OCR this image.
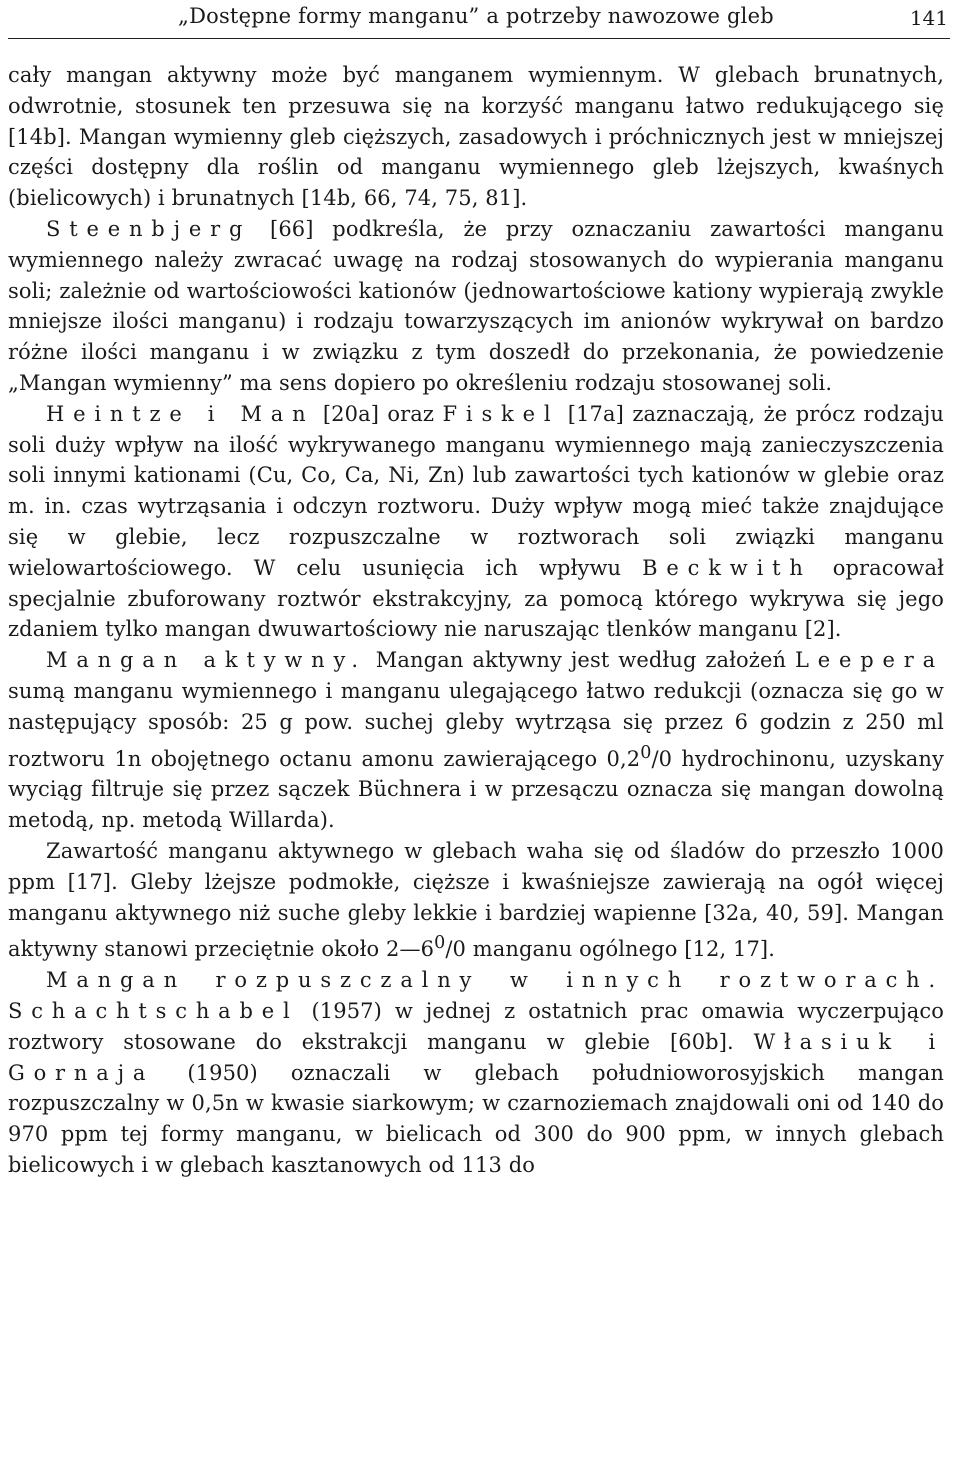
„Dostępne formy manganu” a potrzeby nawozowe gleb	141

cały mangan aktywny może być manganem wymiennym. W glebach brunatnych, odwrotnie, stosunek ten przesuwa się na korzyść manganu łatwo redukującego się [14b]. Mangan wymienny gleb cięższych, zasadowych i próchnicznych jest w mniejszej części dostępny dla roślin od manganu wymiennego gleb lżejszych, kwaśnych (bielicowych) i brunatnych [14b, 66, 74, 75, 81].

Steenbjerg [66] podkreśla, że przy oznaczaniu zawartości manganu wymiennego należy zwracać uwagę na rodzaj stosowanych do wypierania manganu soli; zależnie od wartościowości kationów (jednowartościowe kationy wypierają zwykle mniejsze ilości manganu) i rodzaju towarzyszących im anionów wykrywał on bardzo różne ilości manganu i w związku z tym doszedł do przekonania, że powiedzenie „Mangan wymienny” ma sens dopiero po określeniu rodzaju stosowanej soli.

Heintze i Man [20a] oraz Fiskel [17a] zaznaczają, że prócz rodzaju soli duży wpływ na ilość wykrywanego manganu wymiennego mają zanieczyszczenia soli innymi kationami (Cu, Co, Ca, Ni, Zn) lub zawartości tych kationów w glebie oraz m. in. czas wytrząsania i odczyn roztworu. Duży wpływ mogą mieć także znajdujące się w glebie, lecz rozpuszczalne w roztworach soli związki manganu wielowartościowego. W celu usunięcia ich wpływu Beckwith opracował specjalnie zbuforowany roztwór ekstrakcyjny, za pomocą którego wykrywa się jego zdaniem tylko mangan dwuwartościowy nie naruszając tlenków manganu [2].

Mangan aktywny. Mangan aktywny jest według założeń Leepera sumą manganu wymiennego i manganu ulegającego łatwo redukcji (oznacza się go w następujący sposób: 25 g pow. suchej gleby wytrząsa się przez 6 godzin z 250 ml roztworu 1n obojętnego octanu amonu zawierającego $0,2^0/0$ hydrochinonu, uzyskany wyciąg filtruje się przez sączek Büchnera i w przesączu oznacza się mangan dowolną metodą, np. metodą Willarda).

Zawartość manganu aktywnego w glebach waha się od śladów do przeszło 1000 ppm [17]. Gleby lżejsze podmokłe, cięższe i kwaśniejsze zawierają na ogół więcej manganu aktywnego niż suche gleby lekkie i bardziej wapienne [32a, 40, 59]. Mangan aktywny stanowi przeciętnie około $2—6^0/0$ manganu ogólnego [12, 17].

Mangan rozpuszczalny w innych roztworach. Schachtschabel (1957) w jednej z ostatnich prac omawia wyczerpująco roztwory stosowane do ekstrakcji manganu w glebie [60b]. Własiuk i Gornaja (1950) oznaczali w glebach południoworosyjskich mangan rozpuszczalny w 0,5n w kwasie siarkowym; w czarnoziemach znajdowali oni od 140 do 970 ppm tej formy manganu, w bielicach od 300 do 900 ppm, w innych glebach bielicowych i w glebach kasztanowych od 113 do
